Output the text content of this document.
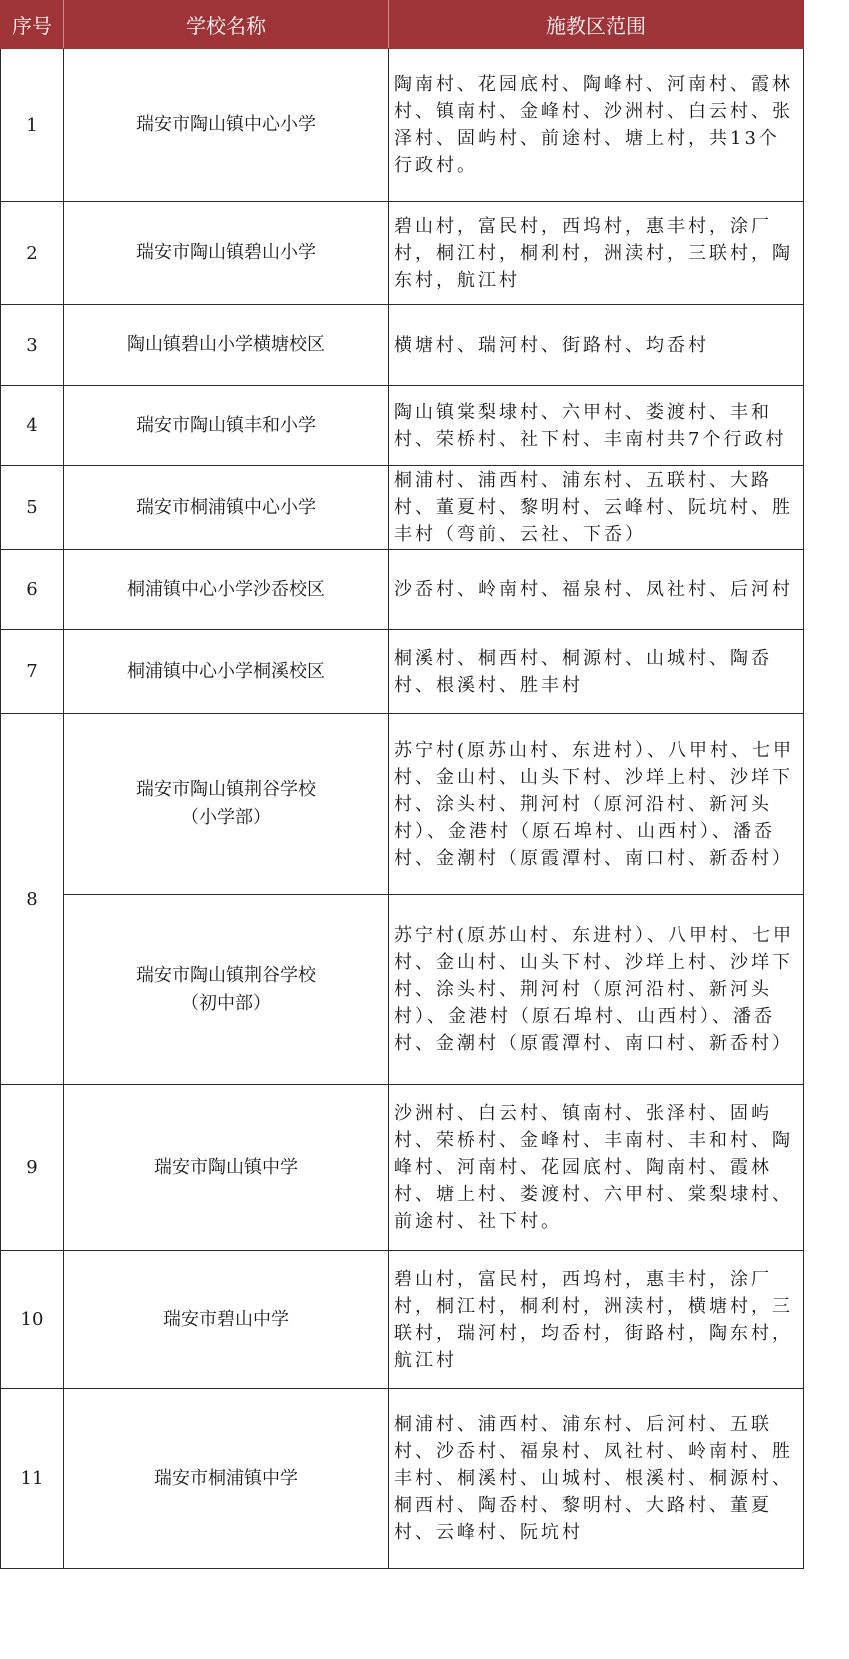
序号	学校名称	施教区范围
1	瑞安市陶山镇中心小学	陶南村、花园底村、陶峰村、河南村、霞林村、镇南村、金峰村、沙洲村、白云村、张泽村、固屿村、前途村、塘上村，共13个行政村。
2	瑞安市陶山镇碧山小学	碧山村，富民村，西坞村，惠丰村，涂厂村，桐江村，桐利村，洲渎村，三联村，陶东村，航江村
3	陶山镇碧山小学横塘校区	横塘村、瑞河村、街路村、均岙村
4	瑞安市陶山镇丰和小学	陶山镇棠梨埭村、六甲村、娄渡村、丰和村、荣桥村、社下村、丰南村共7个行政村
5	瑞安市桐浦镇中心小学	桐浦村、浦西村、浦东村、五联村、大路村、董夏村、黎明村、云峰村、阮坑村、胜丰村（弯前、云社、下岙）
6	桐浦镇中心小学沙岙校区	沙岙村、岭南村、福泉村、凤社村、后河村
7	桐浦镇中心小学桐溪校区	桐溪村、桐西村、桐源村、山城村、陶岙村、根溪村、胜丰村
8	瑞安市陶山镇荆谷学校
（小学部）	苏宁村(原苏山村、东进村）、八甲村、七甲村、金山村、山头下村、沙垟上村、沙垟下村、涂头村、荆河村（原河沿村、新河头村）、金港村（原石埠村、山西村）、潘岙村、金潮村（原霞潭村、南口村、新岙村）

	瑞安市陶山镇荆谷学校
（初中部）	苏宁村(原苏山村、东进村）、八甲村、七甲村、金山村、山头下村、沙垟上村、沙垟下村、涂头村、荆河村（原河沿村、新河头村）、金港村（原石埠村、山西村）、潘岙村、金潮村（原霞潭村、南口村、新岙村）
9	瑞安市陶山镇中学	沙洲村、白云村、镇南村、张泽村、固屿村、荣桥村、金峰村、丰南村、丰和村、陶峰村、河南村、花园底村、陶南村、霞林村、塘上村、娄渡村、六甲村、棠梨埭村、前途村、社下村。
10	瑞安市碧山中学	碧山村，富民村，西坞村，惠丰村，涂厂村，桐江村，桐利村，洲渎村，横塘村，三联村，瑞河村，均岙村，街路村，陶东村，航江村
11	瑞安市桐浦镇中学	桐浦村、浦西村、浦东村、后河村、五联村、沙岙村、福泉村、凤社村、岭南村、胜丰村、桐溪村、山城村、根溪村、桐源村、桐西村、陶岙村、黎明村、大路村、董夏村、云峰村、阮坑村
